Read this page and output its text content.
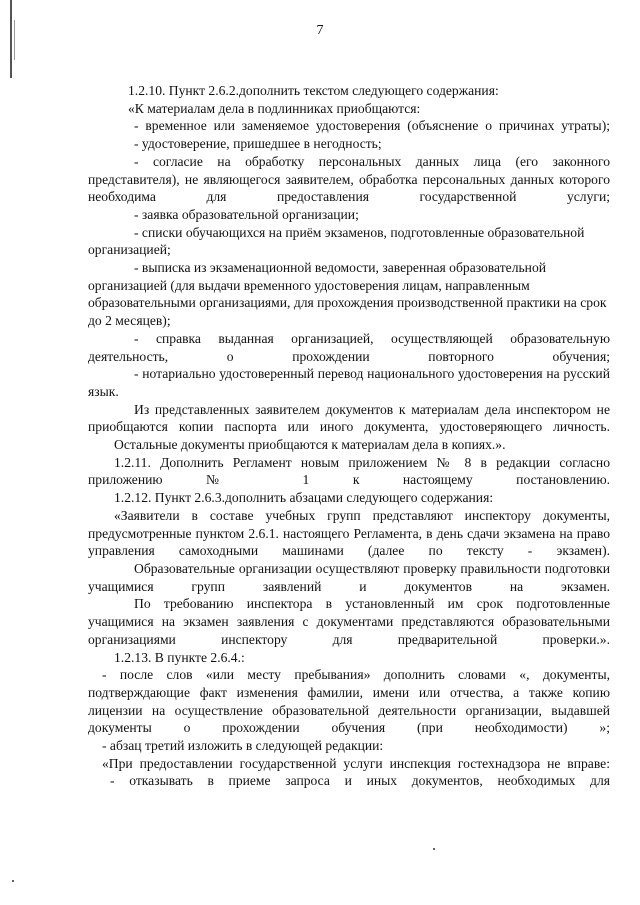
7

1.2.10. Пункт 2.6.2.дополнить текстом следующего содержания:

«К материалам дела в подлинниках приобщаются:

- временное или заменяемое удостоверения (объяснение о причинах утраты);

- удостоверение, пришедшее в негодность;

- согласие на обработку персональных данных лица (его законного представителя), не являющегося заявителем, обработка персональных данных которого необходима для предоставления государственной услуги;

- заявка образовательной организации;

- списки обучающихся на приём экзаменов, подготовленные образовательной организацией;

- выписка из экзаменационной ведомости, заверенная образовательной организацией (для выдачи временного удостоверения лицам, направленным образовательными организациями, для прохождения производственной практики на срок до 2 месяцев);

- справка выданная организацией, осуществляющей образовательную деятельность, о прохождении повторного обучения;

- нотариально удостоверенный перевод национального удостоверения на русский язык.

Из представленных заявителем документов к материалам дела инспектором не приобщаются копии паспорта или иного документа, удостоверяющего личность.

Остальные документы приобщаются к материалам дела в копиях.».

1.2.11. Дополнить Регламент новым приложением № 8 в редакции согласно приложению № 1 к настоящему постановлению.

1.2.12. Пункт 2.6.3.дополнить абзацами следующего содержания:

«Заявители в составе учебных групп представляют инспектору документы, предусмотренные пунктом 2.6.1. настоящего Регламента, в день сдачи экзамена на право управления самоходными машинами (далее по тексту - экзамен).

Образовательные организации осуществляют проверку правильности подготовки учащимися групп заявлений и документов на экзамен.

По требованию инспектора в установленный им срок подготовленные учащимися на экзамен заявления с документами представляются образовательными организациями инспектору для предварительной проверки.».

1.2.13. В пункте 2.6.4.:

- после слов «или месту пребывания» дополнить словами «, документы, подтверждающие факт изменения фамилии, имени или отчества, а также копию лицензии на осуществление образовательной деятельности организации, выдавшей документы о прохождении обучения (при необходимости) »;

- абзац третий изложить в следующей редакции:

«При предоставлении государственной услуги инспекция гостехнадзора не вправе:

- отказывать в приеме запроса и иных документов, необходимых для
